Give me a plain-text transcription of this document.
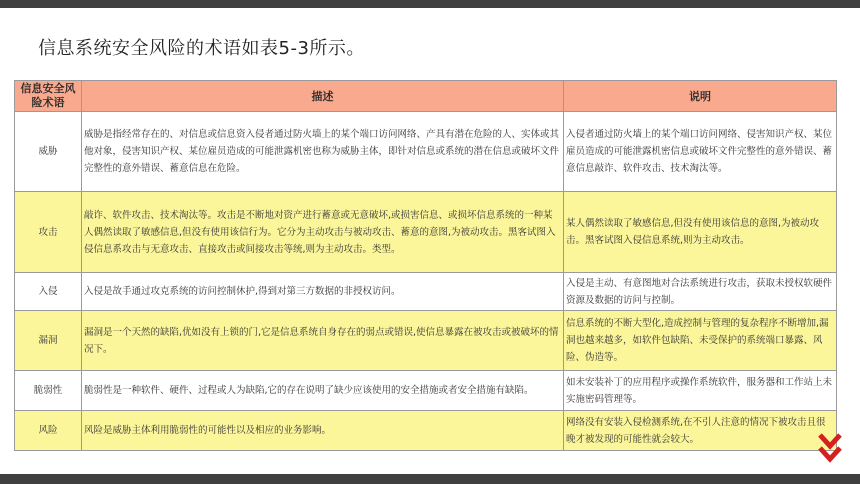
信息系统安全风险的术语如表5-3所示。
信息安全风险术语	描述	说明
威胁	威胁是指经常存在的、对信息或信息资入侵者通过防火墙上的某个端口访问网络、产具有潜在危险的人、实体或其他对象，侵害知识产权、某位雇员造成的可能泄露机密也称为威胁主体，即针对信息或系统的潜在信息或破坏文件完整性的意外错误、蓄意信息在危险。	入侵者通过防火墙上的某个端口访问网络、侵害知识产权、某位雇员造成的可能泄露机密信息或破坏文件完整性的意外错误、蓄意信息敲诈、软件攻击、技术淘汰等。
攻击	敲诈、软件攻击、技术淘汰等。攻击是不断地对资产进行蓄意或无意破坏,或损害信息、或损坏信息系统的一种某人偶然读取了敏感信息,但没有使用该信行为。它分为主动攻击与被动攻击、蓄意的意图,为被动攻击。黑客试图入侵信息系攻击与无意攻击、直接攻击或间接攻击等统,则为主动攻击。类型。	某人偶然读取了敏感信息,但没有使用该信息的意图,为被动攻击。黑客试图入侵信息系统,则为主动攻击。
入侵	入侵是故手通过攻克系统的访问控制休护,得到对第三方数据的非授权访问。	入侵是主动、有意图地对合法系统进行攻击，获取未授权软硬件资源及数据的访问与控制。
漏洞	漏洞是一个天然的缺陷,优如没有上锁的门,它是信息系统自身存在的弱点或错误,使信息暴露在被攻击或被破坏的情况下。	信息系统的不断大型化,造成控制与管理的复杂程序不断增加,漏洞也越来越多，如软件包缺陷、未受保护的系统端口暴露、风险、伪造等。
脆弱性	脆弱性是一种软件、硬件、过程或人为缺陷,它的存在说明了缺少应该使用的安全措施或者安全措施有缺陷。	如未安装补丁的应用程序或操作系统软件，服务器和工作站上未实施密码管理等。
风险	风险是威胁主体利用脆弱性的可能性以及相应的业务影响。	网络没有安装入侵检测系统,在不引人注意的情况下被攻击且很晚才被发现的可能性就会较大。
